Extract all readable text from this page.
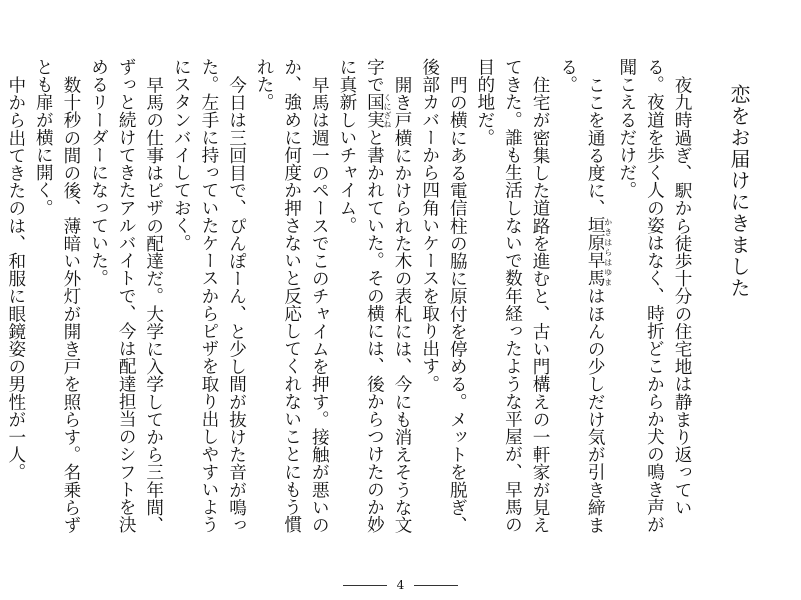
恋をお届けにきました

夜九時過ぎ、駅から徒歩十分の住宅地は静まり返っている。夜道を歩く人の姿はなく、時折どこからか犬の鳴き声が聞こえるだけだ。

ここを通る度に、垣原早馬かきはらはゆまはほんの少しだけ気が引き締まる。

住宅が密集した道路を進むと、古い門構えの一軒家が見えてきた。誰も生活しないで数年経ったような平屋が、早馬の目的地だ。

門の横にある電信柱の脇に原付を停める。メットを脱ぎ、後部カバーから四角いケースを取り出す。

開き戸横にかけられた木の表札には、今にも消えそうな文字で国実くにざねと書かれていた。その横には、後からつけたのか妙に真新しいチャイム。

早馬は週一のペースでこのチャイムを押す。接触が悪いのか、強めに何度か押さないと反応してくれないことにもう慣れた。

今日は三回目で、ぴんぽーん、と少し間が抜けた音が鳴った。左手に持っていたケースからピザを取り出しやすいようにスタンバイしておく。

早馬の仕事はピザの配達だ。大学に入学してから三年間、ずっと続けてきたアルバイトで、今は配達担当のシフトを決めるリーダーになっていた。

数十秒の間の後、薄暗い外灯が開き戸を照らす。名乗らずとも扉が横に開く。

中から出てきたのは、和服に眼鏡姿の男性が一人。

4
